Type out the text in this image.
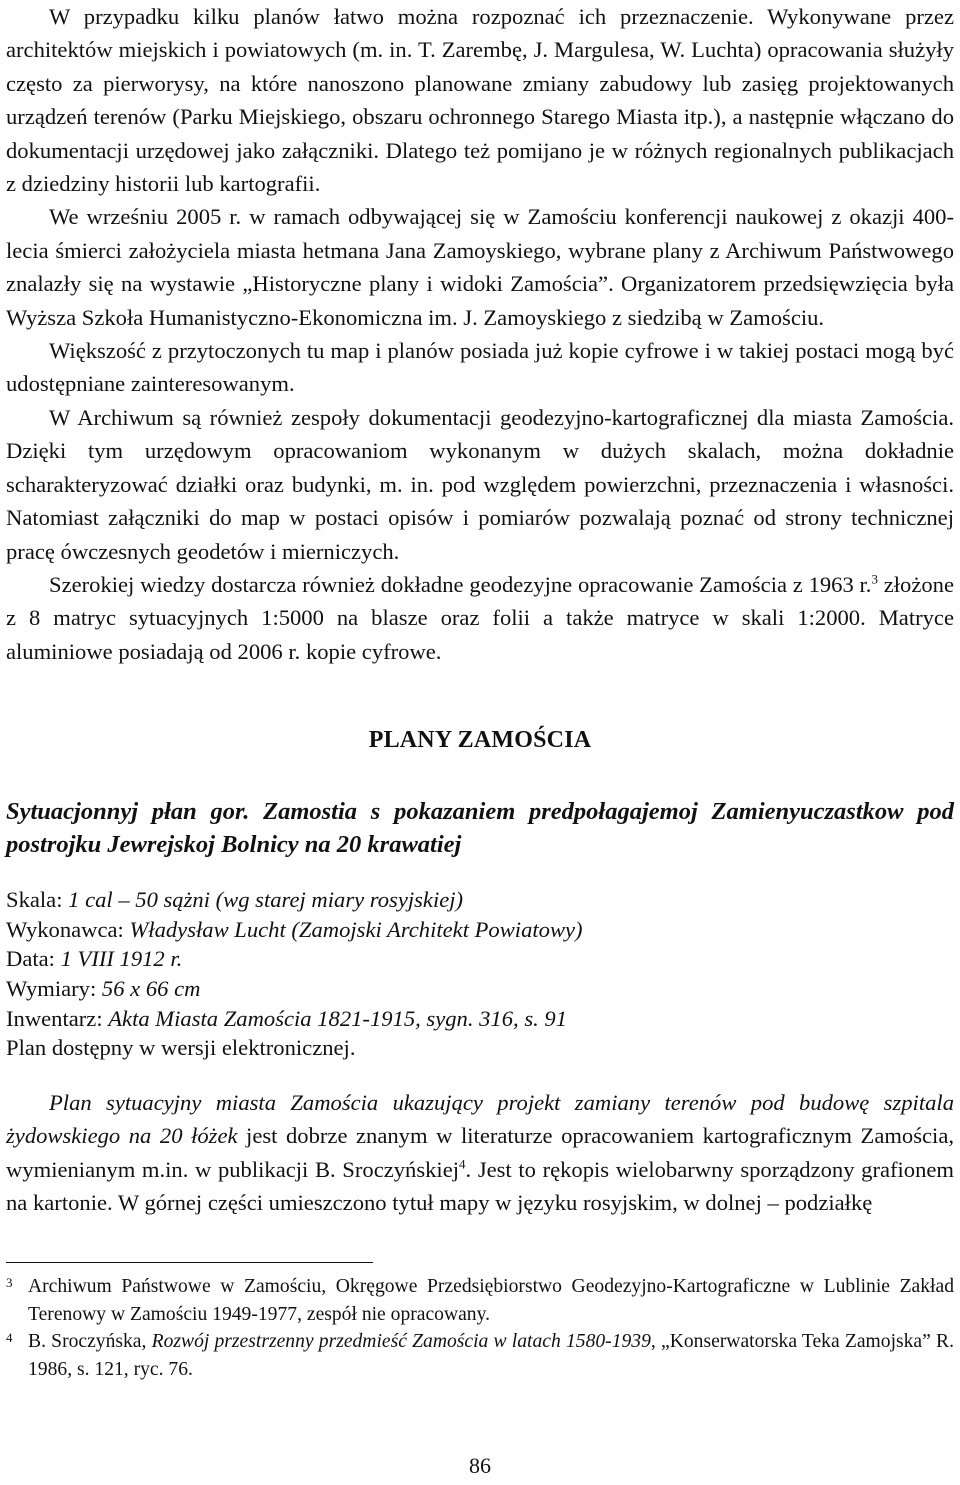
W przypadku kilku planów łatwo można rozpoznać ich przeznaczenie. Wykonywane przez architektów miejskich i powiatowych (m. in. T. Zarembę, J. Margulesa, W. Luchta) opracowania służyły często za pierworysy, na które nanoszono planowane zmiany zabudowy lub zasięg projektowanych urządzeń terenów (Parku Miejskiego, obszaru ochronnego Starego Miasta itp.), a następnie włączano do dokumentacji urzędowej jako załączniki. Dlatego też pomijano je w różnych regionalnych publikacjach z dziedziny historii lub kartografii.

We wrześniu 2005 r. w ramach odbywającej się w Zamościu konferencji naukowej z okazji 400-lecia śmierci założyciela miasta hetmana Jana Zamoyskiego, wybrane plany z Archiwum Państwowego znalazły się na wystawie „Historyczne plany i widoki Zamościa”. Organizatorem przedsięwzięcia była Wyższa Szkoła Humanistyczno-Ekonomiczna im. J. Zamoyskiego z siedzibą w Zamościu.

Większość z przytoczonych tu map i planów posiada już kopie cyfrowe i w takiej postaci mogą być udostępniane zainteresowanym.

W Archiwum są również zespoły dokumentacji geodezyjno-kartograficznej dla miasta Zamościa. Dzięki tym urzędowym opracowaniom wykonanym w dużych skalach, można dokładnie scharakteryzować działki oraz budynki, m. in. pod względem powierzchni, przeznaczenia i własności. Natomiast załączniki do map w postaci opisów i pomiarów pozwalają poznać od strony technicznej pracę ówczesnych geodetów i mierniczych.

Szerokiej wiedzy dostarcza również dokładne geodezyjne opracowanie Zamościa z 1963 r.$^3$ złożone z 8 matryc sytuacyjnych 1:5000 na blasze oraz folii a także matryce w skali 1:2000. Matryce aluminiowe posiadają od 2006 r. kopie cyfrowe.

PLANY ZAMOŚCIA
Sytuacjonnyj płan gor. Zamostia s pokazaniem predpołagajemoj Zamienyuczastkow pod postrojku Jewrejskoj Bolnicy na 20 krawatiej

Skala: 1 cal – 50 sążni (wg starej miary rosyjskiej)

Wykonawca: Władysław Lucht (Zamojski Architekt Powiatowy)

Data: 1 VIII 1912 r.

Wymiary: 56 x 66 cm

Inwentarz: Akta Miasta Zamościa 1821-1915, sygn. 316, s. 91

Plan dostępny w wersji elektronicznej.

Plan sytuacyjny miasta Zamościa ukazujący projekt zamiany terenów pod budowę szpitala żydowskiego na 20 łóżek jest dobrze znanym w literaturze opracowaniem kartograficznym Zamościa, wymienianym m.in. w publikacji B. Sroczyńskiej$^4$. Jest to rękopis wielobarwny sporządzony grafionem na kartonie. W górnej części umieszczono tytuł mapy w języku rosyjskim, w dolnej – podziałkę

3 Archiwum Państwowe w Zamościu, Okręgowe Przedsiębiorstwo Geodezyjno-Kartograficzne w Lublinie Zakład Terenowy w Zamościu 1949-1977, zespół nie opracowany.

4 B. Sroczyńska, Rozwój przestrzenny przedmieść Zamościa w latach 1580-1939, „Konserwatorska Teka Zamojska” R. 1986, s. 121, ryc. 76.

86
